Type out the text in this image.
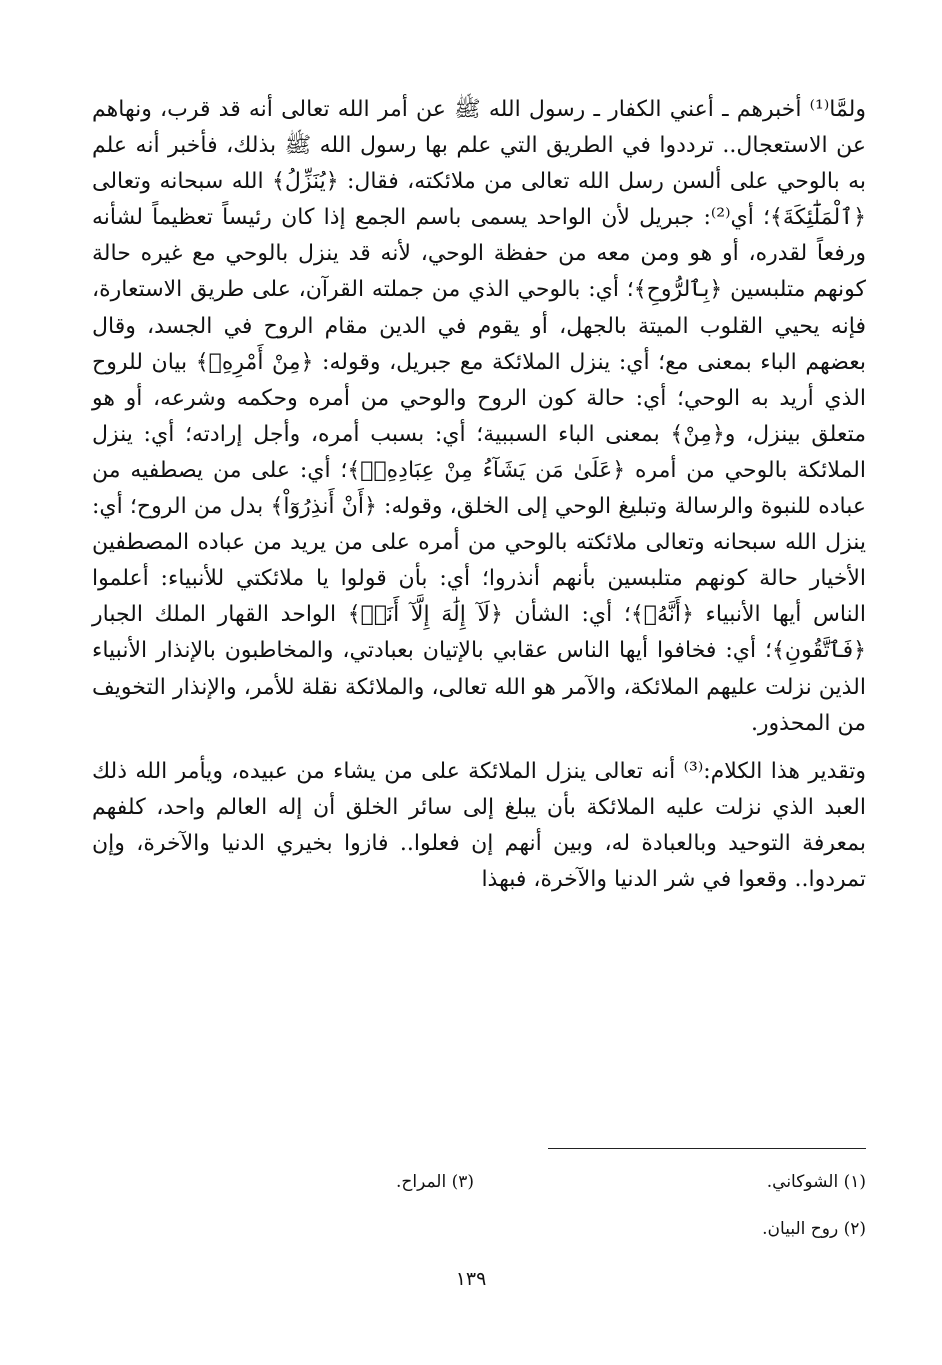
ولمَّا⁽¹⁾ أخبرهم ـ أعني الكفار ـ رسول الله ﷺ عن أمر الله تعالى أنه قد قرب، ونهاهم عن الاستعجال.. ترددوا في الطريق التي علم بها رسول الله ﷺ بذلك، فأخبر أنه علم به بالوحي على ألسن رسل الله تعالى من ملائكته، فقال: ﴿يُنَزِّلُ﴾ الله سبحانه وتعالى ﴿ٱلْمَلَٰٓئِكَةَ﴾؛ أي⁽²⁾: جبريل لأن الواحد يسمى باسم الجمع إذا كان رئيساً تعظيماً لشأنه ورفعاً لقدره، أو هو ومن معه من حفظة الوحي، لأنه قد ينزل بالوحي مع غيره حالة كونهم متلبسين ﴿بِٱلرُّوحِ﴾؛ أي: بالوحي الذي من جملته القرآن، على طريق الاستعارة، فإنه يحيي القلوب الميتة بالجهل، أو يقوم في الدين مقام الروح في الجسد، وقال بعضهم الباء بمعنى مع؛ أي: ينزل الملائكة مع جبريل، وقوله: ﴿مِنْ أَمْرِهِۦ﴾ بيان للروح الذي أريد به الوحي؛ أي: حالة كون الروح والوحي من أمره وحكمه وشرعه، أو هو متعلق بينزل، و﴿مِنْ﴾ بمعنى الباء السببية؛ أي: بسبب أمره، وأجل إرادته؛ أي: ينزل الملائكة بالوحي من أمره ﴿عَلَىٰ مَن يَشَآءُ مِنْ عِبَادِهِۦٓ﴾؛ أي: على من يصطفيه من عباده للنبوة والرسالة وتبليغ الوحي إلى الخلق، وقوله: ﴿أَنْ أَنذِرُوٓاْ﴾ بدل من الروح؛ أي: ينزل الله سبحانه وتعالى ملائكته بالوحي من أمره على من يريد من عباده المصطفين الأخيار حالة كونهم متلبسين بأنهم أنذروا؛ أي: بأن قولوا يا ملائكتي للأنبياء: أعلموا الناس أيها الأنبياء ﴿أَنَّهُۥ﴾؛ أي: الشأن ﴿لَآ إِلَٰهَ إِلَّآ أَنَا۠﴾ الواحد القهار الملك الجبار ﴿فَٱتَّقُونِ﴾؛ أي: فخافوا أيها الناس عقابي بالإتيان بعبادتي، والمخاطبون بالإنذار الأنبياء الذين نزلت عليهم الملائكة، والآمر هو الله تعالى، والملائكة نقلة للأمر، والإنذار التخويف من المحذور.

وتقدير هذا الكلام:⁽³⁾ أنه تعالى ينزل الملائكة على من يشاء من عبيده، ويأمر الله ذلك العبد الذي نزلت عليه الملائكة بأن يبلغ إلى سائر الخلق أن إله العالم واحد، كلفهم بمعرفة التوحيد وبالعبادة له، وبين أنهم إن فعلوا.. فازوا بخيري الدنيا والآخرة، وإن تمردوا.. وقعوا في شر الدنيا والآخرة، فبهذا

(١) الشوكاني.
(٣) المراح.
(٢) روح البيان.
١٣٩
